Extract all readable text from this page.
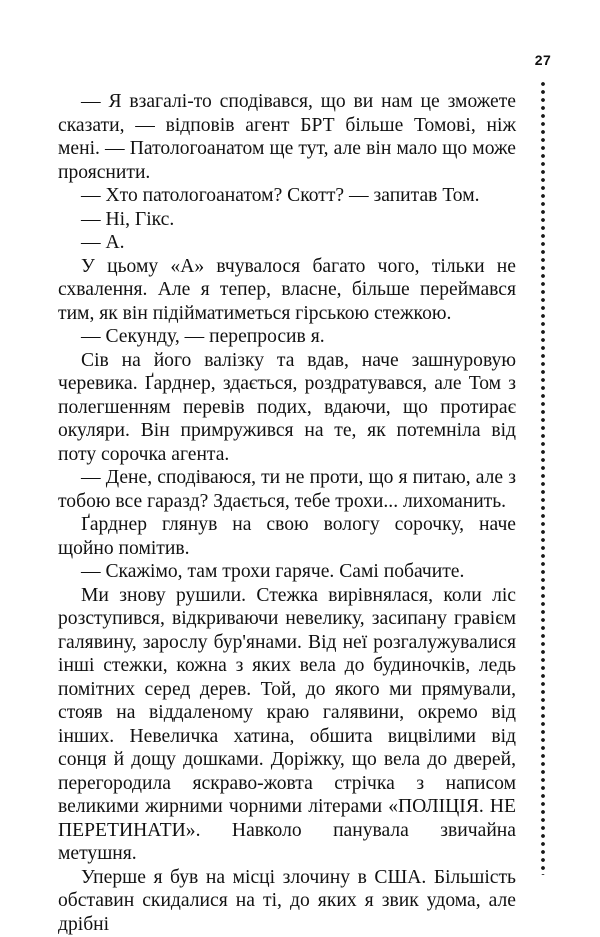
27

— Я взагалі-то сподівався, що ви нам це зможете сказати, — відповів агент БРТ більше Томові, ніж мені. — Патологоанатом ще тут, але він мало що може прояснити.

— Хто патологоанатом? Скотт? — запитав Том.

— Ні, Гікс.

— А.

У цьому «А» вчувалося багато чого, тільки не схвалення. Але я тепер, власне, більше переймався тим, як він підійматиметься гірською стежкою.

— Секунду, — перепросив я.

Сів на його валізку та вдав, наче зашнуровую черевика. Ґарднер, здається, роздратувався, але Том з полегшенням перевів подих, вдаючи, що протирає окуляри. Він примружився на те, як потемніла від поту сорочка агента.

— Дене, сподіваюся, ти не проти, що я питаю, але з тобою все гаразд? Здається, тебе трохи... лихоманить.

Ґарднер глянув на свою вологу сорочку, наче щойно помітив.

— Скажімо, там трохи гаряче. Самі побачите.

Ми знову рушили. Стежка вирівнялася, коли ліс розступився, відкриваючи невелику, засипану гравієм галявину, зарослу бур'янами. Від неї розгалужувалися інші стежки, кожна з яких вела до будиночків, ледь помітних серед дерев. Той, до якого ми прямували, стояв на віддаленому краю галявини, окремо від інших. Невеличка хатина, обшита вицвілими від сонця й дощу дошками. Доріжку, що вела до дверей, перегородила яскраво-жовта стрічка з написом великими жирними чорними літерами «ПОЛІЦІЯ. НЕ ПЕРЕТИНАТИ». Навколо панувала звичайна метушня.

Уперше я був на місці злочину в США. Більшість обставин скидалися на ті, до яких я звик удома, але дрібні
